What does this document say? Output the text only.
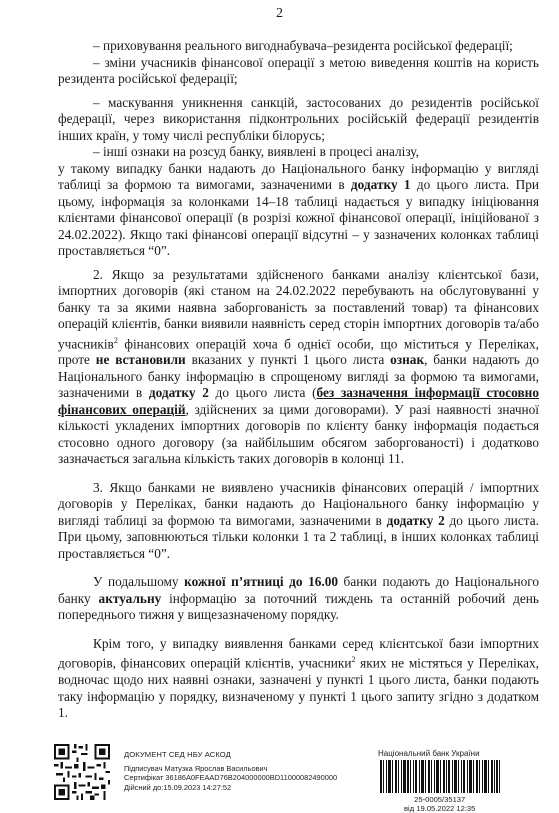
2

– приховування реального вигоднабувача–резидента російської федерації;

– зміни учасників фінансової операції з метою виведення коштів на користь резидента російської федерації;

– маскування уникнення санкцій, застосованих до резидентів російської федерації, через використання підконтрольних російській федерації резидентів інших країн, у тому числі республіки білорусь;

– інші ознаки на розсуд банку, виявлені в процесі аналізу,

у такому випадку банки надають до Національного банку інформацію у вигляді таблиці за формою та вимогами, зазначеними в додатку 1 до цього листа. При цьому, інформація за колонками 14–18 таблиці надається у випадку ініціювання клієнтами фінансової операції (в розрізі кожної фінансової операції, ініційованої з 24.02.2022). Якщо такі фінансові операції відсутні – у зазначених колонках таблиці проставляється “0”.

2. Якщо за результатами здійсненого банками аналізу клієнтської бази, імпортних договорів (які станом на 24.02.2022 перебувають на обслуговуванні у банку та за якими наявна заборгованість за поставлений товар) та фінансових операцій клієнтів, банки виявили наявність серед сторін імпортних договорів та/або учасників$^2$ фінансових операцій хоча б однієї особи, що міститься у Переліках, проте не встановили вказаних у пункті 1 цього листа ознак, банки надають до Національного банку інформацію в спрощеному вигляді за формою та вимогами, зазначеними в додатку 2 до цього листа (без зазначення інформації стосовно фінансових операцій, здійснених за цими договорами). У разі наявності значної кількості укладених імпортних договорів по клієнту банку інформація подається стосовно одного договору (за найбільшим обсягом заборгованості) і додатково зазначається загальна кількість таких договорів в колонці 11.

3. Якщо банками не виявлено учасників фінансових операцій / імпортних договорів у Переліках, банки надають до Національного банку інформацію у вигляді таблиці за формою та вимогами, зазначеними в додатку 2 до цього листа. При цьому, заповнюються тільки колонки 1 та 2 таблиці, в інших колонках таблиці проставляється “0”.

У подальшому кожної п’ятниці до 16.00 банки подають до Національного банку актуальну інформацію за поточний тиждень та останній робочий день попереднього тижня у вищезазначеному порядку.

Крім того, у випадку виявлення банками серед клієнтської бази імпортних договорів, фінансових операцій клієнтів, учасники$^2$ яких не містяться у Переліках, водночас щодо них наявні ознаки, зазначені у пункті 1 цього листа, банки подають таку інформацію у порядку, визначеному у пункті 1 цього запиту згідно з додатком 1.

ДОКУМЕНТ СЕД НБУ АСКОД
Підписувач Матузка Ярослав Васильович
Сертифікат 36186A0FEAAD76B204000000BD11000082490000
Дійсний до:15.09.2023 14:27:52
Національний банк України
25-0005/35137
від 19.05.2022 12:35
